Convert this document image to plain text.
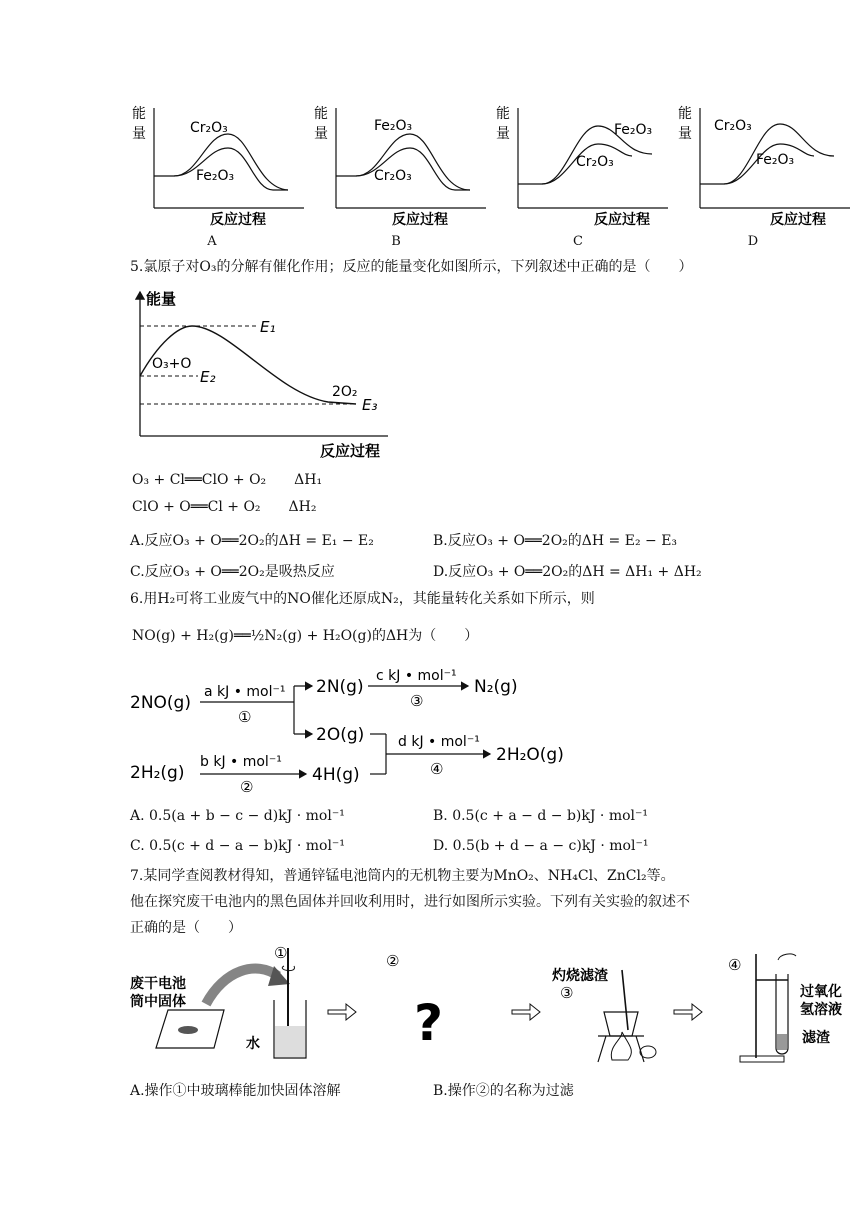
能
量	Cr₂O₃
Fe₂O₃
反应过程
能
量	Fe₂O₃
Cr₂O₃
反应过程
能
量	Fe₂O₃
Cr₂O₃
反应过程
能
量 Cr₂O₃
Fe₂O₃
反应过程
A	B	C	D
5.氯原子对O₃的分解有催化作用；反应的能量变化如图所示，下列叙述中正确的是（　　）
能量
E₁
E₂
E₃
O₃+O
2O₂
反应过程
O₃ + Cl══ClO + O₂　　ΔH₁
ClO + O══Cl + O₂　　ΔH₂
A.反应O₃ + O══2O₂的ΔH = E₁ − E₂	B.反应O₃ + O══2O₂的ΔH = E₂ − E₃
C.反应O₃ + O══2O₂是吸热反应	D.反应O₃ + O══2O₂的ΔH = ΔH₁ + ΔH₂
6.用H₂可将工业废气中的NO催化还原成N₂，其能量转化关系如下所示，则
NO(g) + H₂(g)══½N₂(g) + H₂O(g)的ΔH为（　　）
2NO(g)
2H₂(g)
a kJ • mol⁻¹
①
2N(g)
2O(g)
c kJ • mol⁻¹
③
N₂(g)
b kJ • mol⁻¹
②
4H(g)
d kJ • mol⁻¹
④
2H₂O(g)
A. 0.5(a + b − c − d)kJ · mol⁻¹	B. 0.5(c + a − d − b)kJ · mol⁻¹
C. 0.5(c + d − a − b)kJ · mol⁻¹	D. 0.5(b + d − a − c)kJ · mol⁻¹
7.某同学查阅教材得知，普通锌锰电池筒内的无机物主要为MnO₂、NH₄Cl、ZnCl₂等。
他在探究废干电池内的黑色固体并回收利用时，进行如图所示实验。下列有关实验的叙述不
正确的是（　　）
废干电池
筒中固体
①
水
②
?
灼烧滤渣
③
④
过氧化
氢溶液
滤渣
A.操作①中玻璃棒能加快固体溶解	B.操作②的名称为过滤
